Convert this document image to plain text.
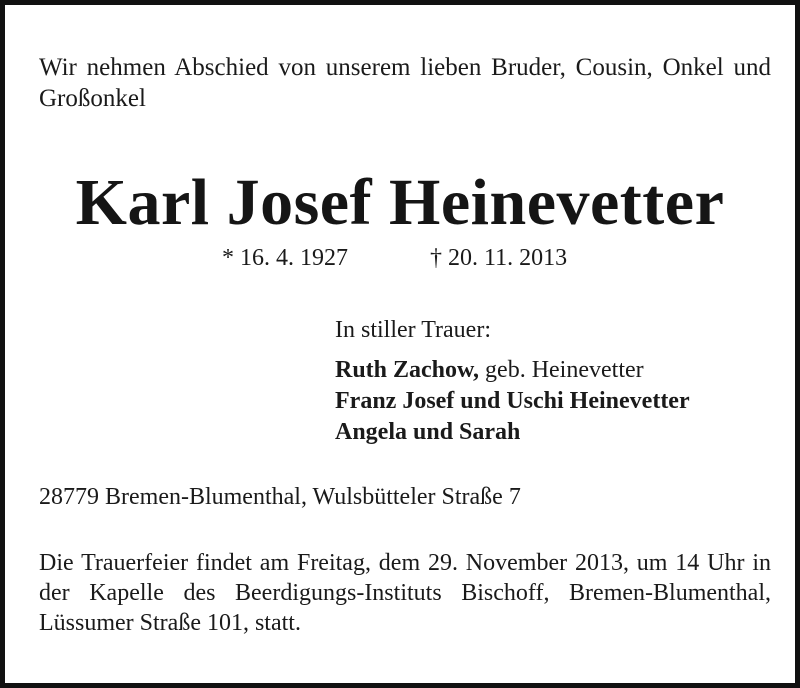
Wir nehmen Abschied von unserem lieben Bruder, Cousin, Onkel und Großonkel
Karl Josef Heinevetter
* 16. 4. 1927	† 20. 11. 2013
In stiller Trauer:
Ruth Zachow, geb. Heinevetter
Franz Josef und Uschi Heinevetter
Angela und Sarah
28779 Bremen-Blumenthal, Wulsbütteler Straße 7
Die Trauerfeier findet am Freitag, dem 29. November 2013, um 14 Uhr in der Kapelle des Beerdigungs-Instituts Bischoff, Bremen-Blumenthal, Lüssumer Straße 101, statt.
